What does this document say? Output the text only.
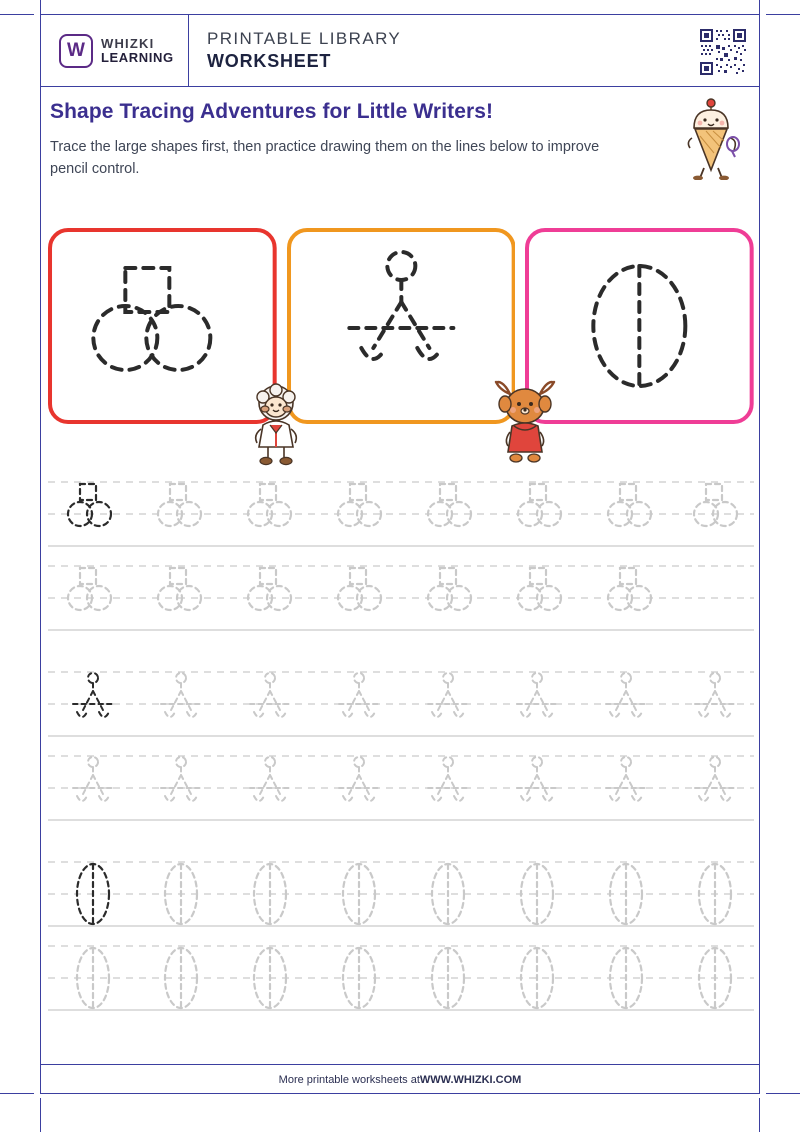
W	WHIZKI
LEARNING
PRINTABLE LIBRARY
WORKSHEET
Shape Tracing Adventures for Little Writers!
Trace the large shapes first, then practice drawing them on the lines below to improve pencil control.
More printable worksheets at WWW.WHIZKI.COM
